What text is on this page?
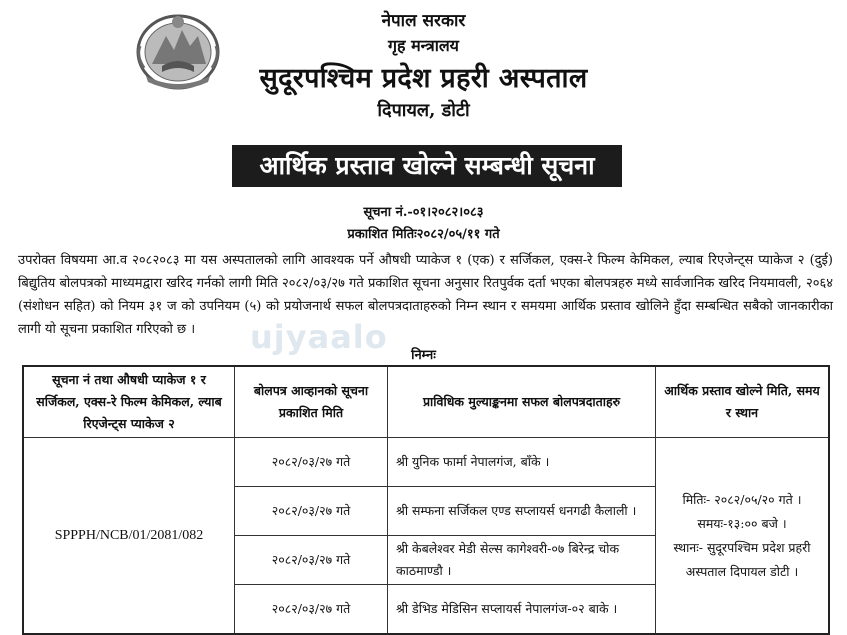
नेपाल सरकार
गृह मन्त्रालय
सुदूरपश्चिम प्रदेश प्रहरी अस्पताल
दिपायल, डोटी
आर्थिक प्रस्ताव खोल्ने सम्बन्धी सूचना
सूचना नं.-०१।२०८२।०८३
प्रकाशित मितिः२०८२/०५/११ गते
ujyaalo
उपरोक्त विषयमा आ.व २०८२०८३ मा यस अस्पतालको लागि आवश्यक पर्ने औषधी प्याकेज १ (एक) र सर्जिकल, एक्स-रे फिल्म केमिकल, ल्याब रिएजेन्ट्स प्याकेज २ (दुई) बिद्युतिय बोलपत्रको माध्यमद्वारा खरिद गर्नको लागी मिति २०८२/०३/२७ गते प्रकाशित सूचना अनुसार रितपुर्वक दर्ता भएका बोलपत्रहरु मध्ये सार्वजानिक खरिद नियमावली, २०६४ (संशोधन सहित) को नियम ३१ ज को उपनियम (५) को प्रयोजनार्थ सफल बोलपत्रदाताहरुको निम्न स्थान र समयमा आर्थिक प्रस्ताव खोलिने हुँदा सम्बन्धित सबैको जानकारीका लागी यो सूचना प्रकाशित गरिएको छ ।
निम्नः
सूचना नं तथा औषधी प्याकेज १ र सर्जिकल, एक्स-रे फिल्म केमिकल, ल्याब रिएजेन्ट्स प्याकेज २	बोलपत्र आव्हानको सूचना प्रकाशित मिति	प्राविधिक मुल्याङ्कनमा सफल बोलपत्रदाताहरु	आर्थिक प्रस्ताव खोल्ने मिति, समय र स्थान
SPPPH/NCB/01/2081/082	२०८२/०३/२७ गते	श्री युनिक फार्मा नेपालगंज, बाँके ।	मितिः- २०८२/०५/२० गते ।
समयः-१३:०० बजे ।
स्थानः- सुदूरपश्चिम प्रदेश प्रहरी अस्पताल दिपायल डोटी ।

	२०८२/०३/२७ गते	श्री सम्फना सर्जिकल एण्ड सप्लायर्स धनगढी कैलाली ।	
	२०८२/०३/२७ गते	श्री केबलेश्वर मेडी सेल्स कागेश्वरी-०७ बिरेन्द्र चोक काठमाण्डौ ।	
	२०८२/०३/२७ गते	श्री डेभिड मेडिसिन सप्लायर्स नेपालगंज-०२ बाके ।	
